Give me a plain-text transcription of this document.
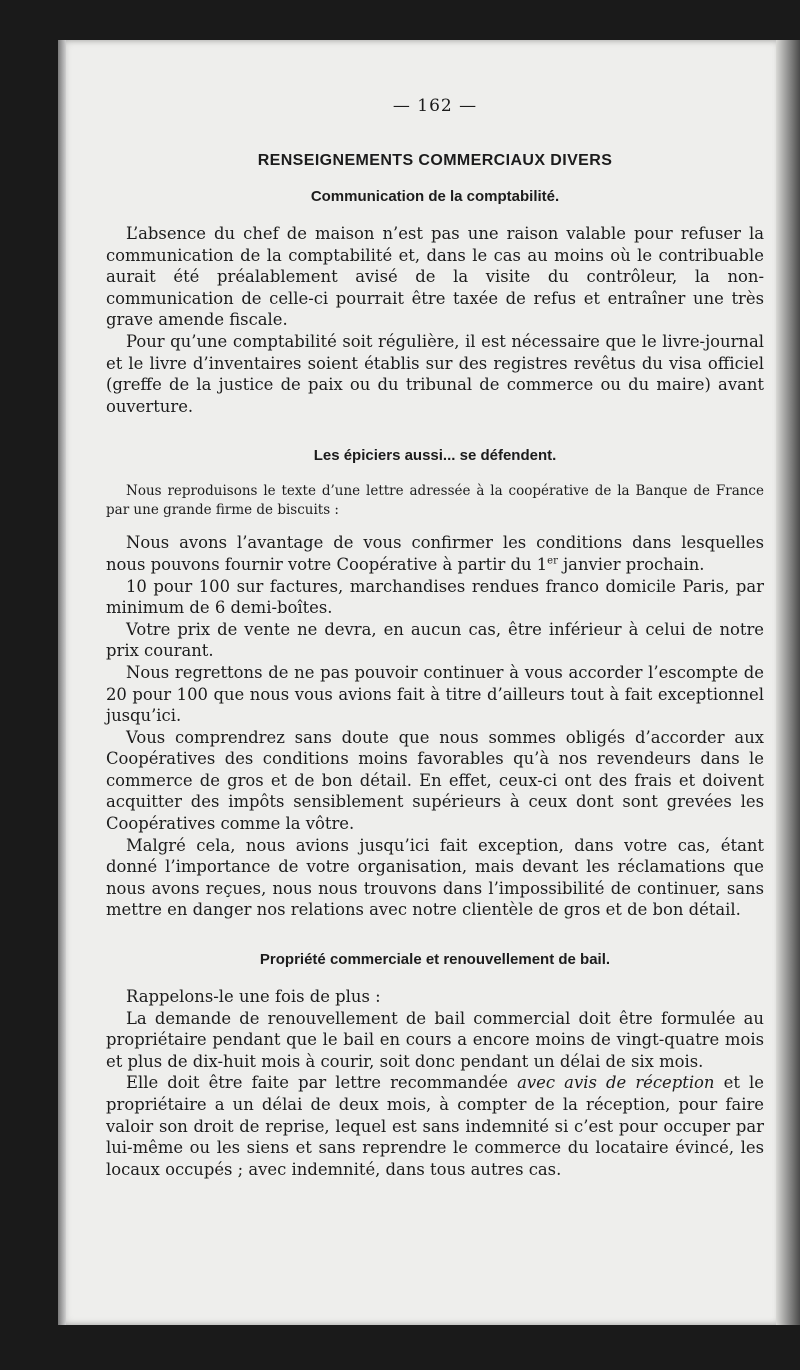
— 162 —

RENSEIGNEMENTS COMMERCIAUX DIVERS

Communication de la comptabilité.

L’absence du chef de maison n’est pas une raison valable pour refuser la communication de la comptabilité et, dans le cas au moins où le contribuable aurait été préalablement avisé de la visite du contrôleur, la non-communication de celle-ci pourrait être taxée de refus et entraîner une très grave amende fiscale.

Pour qu’une comptabilité soit régulière, il est nécessaire que le livre-journal et le livre d’inventaires soient établis sur des registres revêtus du visa officiel (greffe de la justice de paix ou du tribunal de commerce ou du maire) avant ouverture.

Les épiciers aussi... se défendent.

Nous reproduisons le texte d’une lettre adressée à la coopérative de la Banque de France par une grande firme de biscuits :

Nous avons l’avantage de vous confirmer les conditions dans lesquelles nous pouvons fournir votre Coopérative à partir du 1er janvier prochain.

10 pour 100 sur factures, marchandises rendues franco domicile Paris, par minimum de 6 demi-boîtes.

Votre prix de vente ne devra, en aucun cas, être inférieur à celui de notre prix courant.

Nous regrettons de ne pas pouvoir continuer à vous accorder l’escompte de 20 pour 100 que nous vous avions fait à titre d’ailleurs tout à fait exceptionnel jusqu’ici.

Vous comprendrez sans doute que nous sommes obligés d’accorder aux Coopératives des conditions moins favorables qu’à nos revendeurs dans le commerce de gros et de bon détail. En effet, ceux-ci ont des frais et doivent acquitter des impôts sensiblement supérieurs à ceux dont sont grevées les Coopératives comme la vôtre.

Malgré cela, nous avions jusqu’ici fait exception, dans votre cas, étant donné l’importance de votre organisation, mais devant les réclamations que nous avons reçues, nous nous trouvons dans l’impossibilité de continuer, sans mettre en danger nos relations avec notre clientèle de gros et de bon détail.

Propriété commerciale et renouvellement de bail.

Rappelons-le une fois de plus :

La demande de renouvellement de bail commercial doit être formulée au propriétaire pendant que le bail en cours a encore moins de vingt-quatre mois et plus de dix-huit mois à courir, soit donc pendant un délai de six mois.

Elle doit être faite par lettre recommandée avec avis de réception et le propriétaire a un délai de deux mois, à compter de la réception, pour faire valoir son droit de reprise, lequel est sans indemnité si c’est pour occuper par lui-même ou les siens et sans reprendre le commerce du locataire évincé, les locaux occupés ; avec indemnité, dans tous autres cas.
